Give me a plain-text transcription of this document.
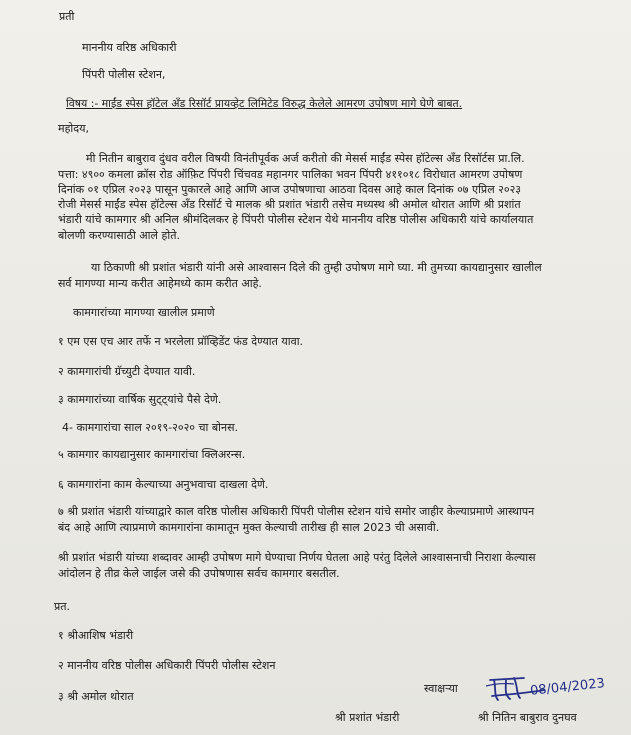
प्रती
माननीय वरिष्ठ अधिकारी
पिंपरी पोलीस स्टेशन,
विषय :- माईंड स्पेस हॉटेल अँड रिसॉर्ट प्रायव्हेट लिमिटेड विरुद्ध केलेले आमरण उपोषण मागे घेणे बाबत.
महोदय,
मी नितीन बाबुराव दुंधव वरील विषयी विनंतीपूर्वक अर्ज करीतो की मेसर्स माईंड स्पेस हॉटेल्स अँड रिसॉर्टस प्रा.लि.
पत्ता: ४९०० कमला क्रॉस रोड ऑफ़िट पिंपरी चिंचवड महानगर पालिका भवन पिंपरी ४११०१८ विरोधात आमरण उपोषण
दिनांक ०१ एप्रिल २०२३ पासून पुकारले आहे आणि आज उपोषणाचा आठवा दिवस आहे काल दिनांक ०७ एप्रिल २०२३
रोजी मेसर्स माईंड स्पेस हॉटेल्स अँड रिसॉर्ट चे मालक श्री प्रशांत भंडारी तसेच मध्यस्थ श्री अमोल थोरात आणि श्री प्रशांत
भंडारी यांचे कामगार श्री अनिल श्रीमंदिलकर हे पिंपरी पोलीस स्टेशन येथे माननीय वरिष्ठ पोलीस अधिकारी यांचे कार्यालयात
बोलणी करण्यासाठी आले होते.
या ठिकाणी श्री प्रशांत भंडारी यांनी असे आश्वासन दिले की तुम्ही उपोषण मागे घ्या. मी तुमच्या कायद्यानुसार खालील
सर्व मागण्या मान्य करीत आहेमध्ये काम करीत आहे.
कामगारांच्या मागण्या खालील प्रमाणे
१ एम एस एच आर तर्फे न भरलेला प्रॉव्हिडेंट फंड देण्यात यावा.
२ कामगारांची ग्रॅच्युटी देण्यात यावी.
३ कामगारांच्या वार्षिक सुट्ट्यांचे पैसे देणे.
4- कामगारांचा साल २०१९-२०२० चा बोनस.
५ कामगार कायद्यानुसार कामगारांचा क्लिअरन्स.
६ कामगारांना काम केल्याच्या अनुभवाचा दाखला देणे.
७ श्री प्रशांत भंडारी यांच्याद्वारे काल वरिष्ठ पोलीस अधिकारी पिंपरी पोलीस स्टेशन यांचे समोर जाहीर केल्याप्रमाणे आस्थापन
बंद आहे आणि त्याप्रमाणे कामगारांना कामातून मुक्त केल्याची तारीख ही साल 2023 ची असावी.
श्री प्रशांत भंडारी यांच्या शब्दावर आम्ही उपोषण मागे घेण्याचा निर्णय घेतला आहे परंतु दिलेले आश्वासनाची निराशा केल्यास
आंदोलन हे तीव्र केले जाईल जसे की उपोषणास सर्वच कामगार बसतील.
प्रत.
१ श्रीआशिष भंडारी
२ माननीय वरिष्ठ पोलीस अधिकारी पिंपरी पोलीस स्टेशन
३ श्री अमोल थोरात
स्वाक्षऱ्या	08/04/2023
श्री प्रशांत भंडारी	श्री नितिन बाबुराव दुनघव
